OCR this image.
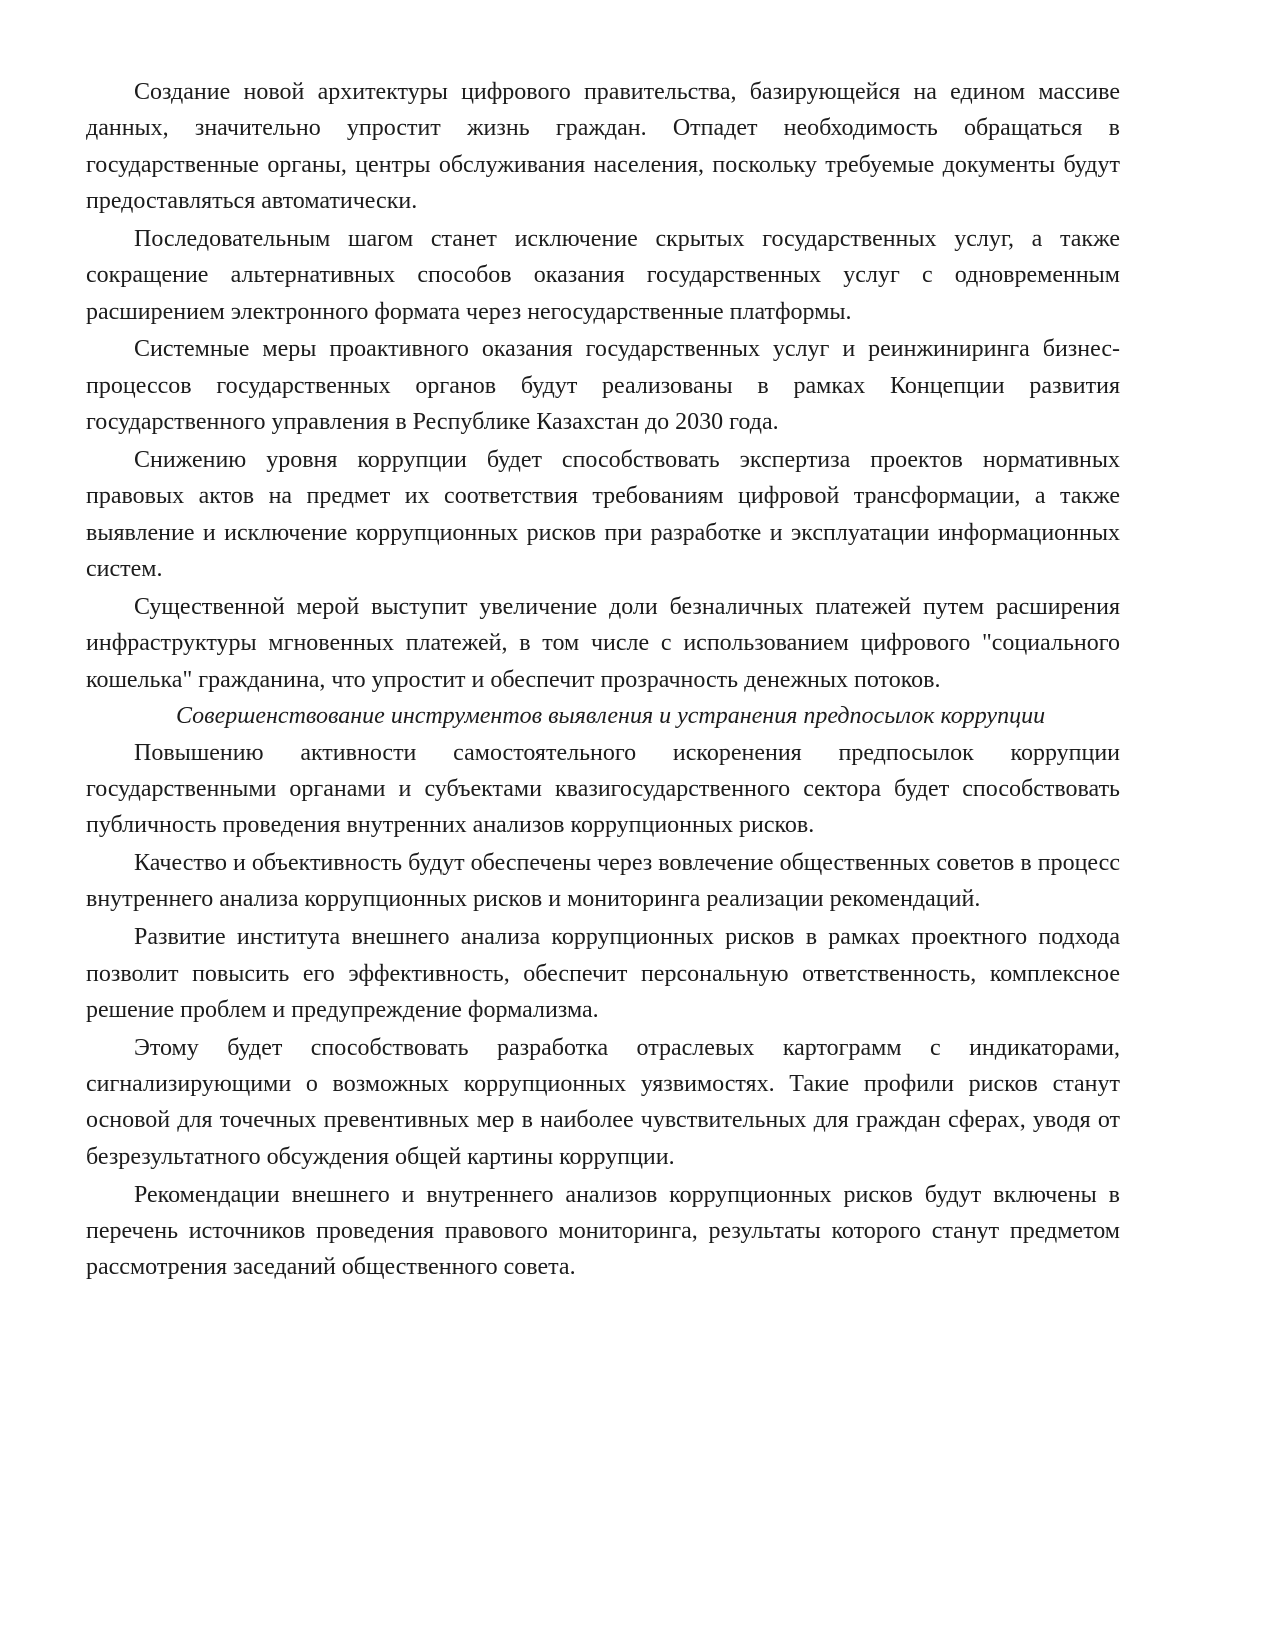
Создание новой архитектуры цифрового правительства, базирующейся на едином массиве данных, значительно упростит жизнь граждан. Отпадет необходимость обращаться в государственные органы, центры обслуживания населения, поскольку требуемые документы будут предоставляться автоматически.

Последовательным шагом станет исключение скрытых государственных услуг, а также сокращение альтернативных способов оказания государственных услуг с одновременным расширением электронного формата через негосударственные платформы.

Системные меры проактивного оказания государственных услуг и реинжиниринга бизнес-процессов государственных органов будут реализованы в рамках Концепции развития государственного управления в Республике Казахстан до 2030 года.

Снижению уровня коррупции будет способствовать экспертиза проектов нормативных правовых актов на предмет их соответствия требованиям цифровой трансформации, а также выявление и исключение коррупционных рисков при разработке и эксплуатации информационных систем.

Существенной мерой выступит увеличение доли безналичных платежей путем расширения инфраструктуры мгновенных платежей, в том числе с использованием цифрового "социального кошелька" гражданина, что упростит и обеспечит прозрачность денежных потоков.

Совершенствование инструментов выявления и устранения предпосылок коррупции

Повышению активности самостоятельного искоренения предпосылок коррупции государственными органами и субъектами квазигосударственного сектора будет способствовать публичность проведения внутренних анализов коррупционных рисков.

Качество и объективность будут обеспечены через вовлечение общественных советов в процесс внутреннего анализа коррупционных рисков и мониторинга реализации рекомендаций.

Развитие института внешнего анализа коррупционных рисков в рамках проектного подхода позволит повысить его эффективность, обеспечит персональную ответственность, комплексное решение проблем и предупреждение формализма.

Этому будет способствовать разработка отраслевых картограмм с индикаторами, сигнализирующими о возможных коррупционных уязвимостях. Такие профили рисков станут основой для точечных превентивных мер в наиболее чувствительных для граждан сферах, уводя от безрезультатного обсуждения общей картины коррупции.

Рекомендации внешнего и внутреннего анализов коррупционных рисков будут включены в перечень источников проведения правового мониторинга, результаты которого станут предметом рассмотрения заседаний общественного совета.
